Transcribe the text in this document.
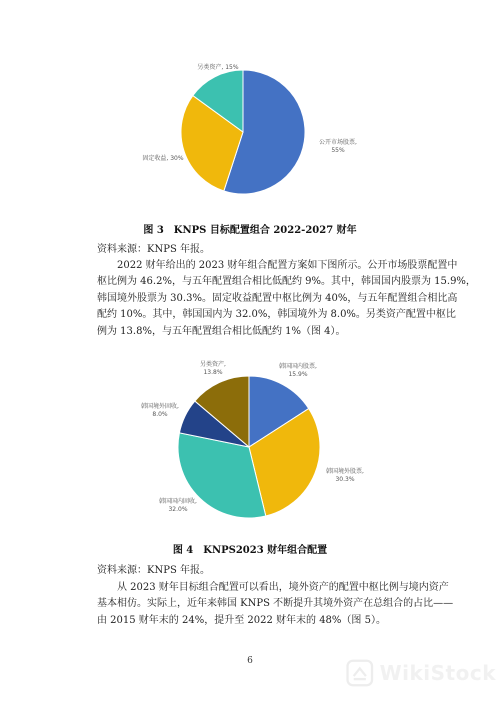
公开市场股票, 55%
固定收益, 30%
另类资产, 15%
图 3　KNPS 目标配置组合 2022-2027 财年
资料来源：KNPS 年报。
2022 财年给出的 2023 财年组合配置方案如下图所示。公开市场股票配置中
枢比例为 46.2%，与五年配置组合相比低配约 9%。其中，韩国国内股票为 15.9%，
韩国境外股票为 30.3%。固定收益配置中枢比例为 40%，与五年配置组合相比高
配约 10%。其中，韩国国内为 32.0%，韩国境外为 8.0%。另类资产配置中枢比
例为 13.8%，与五年配置组合相比低配约 1%（图 4）。
韩国国内股票, 15.9%
韩国境外股票, 30.3%
韩国国内固收, 32.0%
韩国境外固收, 8.0%
另类资产, 13.8%
图 4　KNPS2023 财年组合配置
资料来源：KNPS 年报。
从 2023 财年目标组合配置可以看出，境外资产的配置中枢比例与境内资产
基本相仿。实际上，近年来韩国 KNPS 不断提升其境外资产在总组合的占比——
由 2015 财年末的 24%，提升至 2022 财年末的 48%（图 5）。
6	WikiStock
